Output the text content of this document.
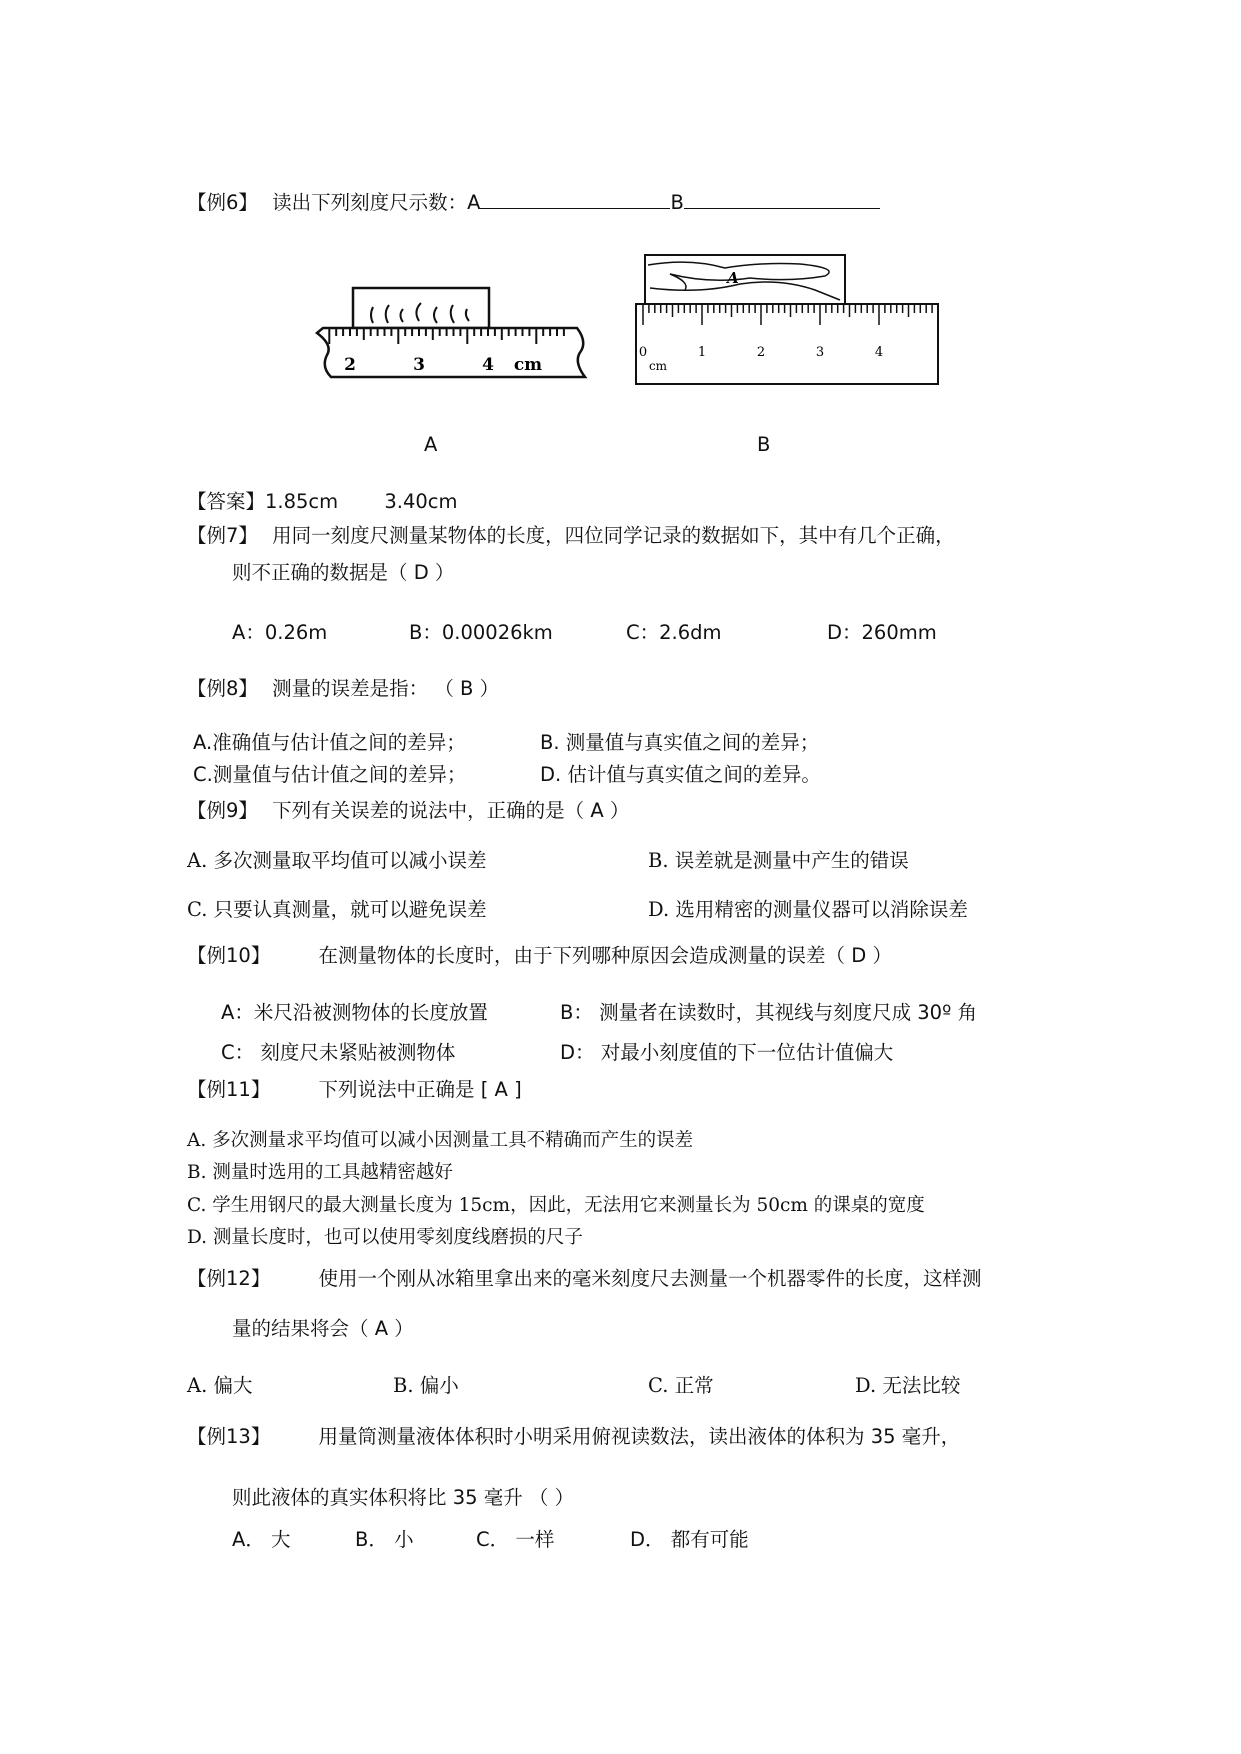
【例6】 读出下列刻度尺示数：A	B
2	3	4 cm
A
0	1	2	3	4
cm
A	B
【答案】1.85cm 3.40cm
【例7】 用同一刻度尺测量某物体的长度，四位同学记录的数据如下，其中有几个正确，
则不正确的数据是（ D ）
A：0.26m	B：0.00026km	C：2.6dm	D：260mm
【例8】 测量的误差是指： （ B ）
A.准确值与估计值之间的差异；	B. 测量值与真实值之间的差异；
C.测量值与估计值之间的差异；	D. 估计值与真实值之间的差异。
【例9】 下列有关误差的说法中，正确的是（ A ）
A. 多次测量取平均值可以减小误差	B. 误差就是测量中产生的错误
C. 只要认真测量，就可以避免误差	D. 选用精密的测量仪器可以消除误差
【例10】 在测量物体的长度时，由于下列哪种原因会造成测量的误差（ D ）
A：米尺沿被测物体的长度放置	B： 测量者在读数时，其视线与刻度尺成 30º 角
C： 刻度尺未紧贴被测物体	D： 对最小刻度值的下一位估计值偏大
【例11】 下列说法中正确是 [ A ]
A. 多次测量求平均值可以减小因测量工具不精确而产生的误差
B. 测量时选用的工具越精密越好
C. 学生用钢尺的最大测量长度为 15cm，因此，无法用它来测量长为 50cm 的课桌的宽度
D. 测量长度时，也可以使用零刻度线磨损的尺子
【例12】 使用一个刚从冰箱里拿出来的毫米刻度尺去测量一个机器零件的长度，这样测
量的结果将会（ A ）
A. 偏大	B. 偏小	C. 正常	D. 无法比较
【例13】 用量筒测量液体体积时小明采用俯视读数法，读出液体的体积为 35 毫升，
则此液体的真实体积将比 35 毫升 （ ）
A． 大	B． 小	C． 一样	D． 都有可能
